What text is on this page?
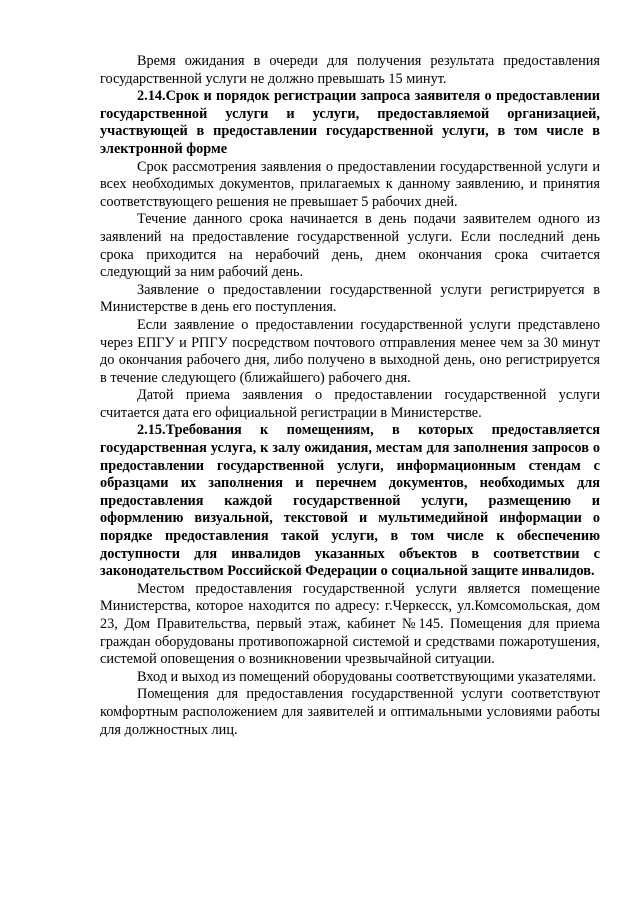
Время ожидания в очереди для получения результата предоставления государственной услуги не должно превышать 15 минут.

2.14.Срок и порядок регистрации запроса заявителя о предоставлении государственной услуги и услуги, предоставляемой организацией, участвующей в предоставлении государственной услуги, в том числе в электронной форме

Срок рассмотрения заявления о предоставлении государственной услуги и всех необходимых документов, прилагаемых к данному заявлению, и принятия соответствующего решения не превышает 5 рабочих дней.

Течение данного срока начинается в день подачи заявителем одного из заявлений на предоставление государственной услуги. Если последний день срока приходится на нерабочий день, днем окончания срока считается следующий за ним рабочий день.

Заявление о предоставлении государственной услуги регистрируется в Министерстве в день его поступления.

Если заявление о предоставлении государственной услуги представлено через ЕПГУ и РПГУ посредством почтового отправления менее чем за 30 минут до окончания рабочего дня, либо получено в выходной день, оно регистрируется в течение следующего (ближайшего) рабочего дня.

Датой приема заявления о предоставлении государственной услуги считается дата его официальной регистрации в Министерстве.

2.15.Требования к помещениям, в которых предоставляется государственная услуга, к залу ожидания, местам для заполнения запросов о предоставлении государственной услуги, информационным стендам с образцами их заполнения и перечнем документов, необходимых для предоставления каждой государственной услуги, размещению и оформлению визуальной, текстовой и мультимедийной информации о порядке предоставления такой услуги, в том числе к обеспечению доступности для инвалидов указанных объектов в соответствии с законодательством Российской Федерации о социальной защите инвалидов.

Местом предоставления государственной услуги является помещение Министерства, которое находится по адресу: г.Черкесск, ул.Комсомольская, дом 23, Дом Правительства, первый этаж, кабинет №145. Помещения для приема граждан оборудованы противопожарной системой и средствами пожаротушения, системой оповещения о возникновении чрезвычайной ситуации.

Вход и выход из помещений оборудованы соответствующими указателями.

Помещения для предоставления государственной услуги соответствуют комфортным расположением для заявителей и оптимальными условиями работы для должностных лиц.
